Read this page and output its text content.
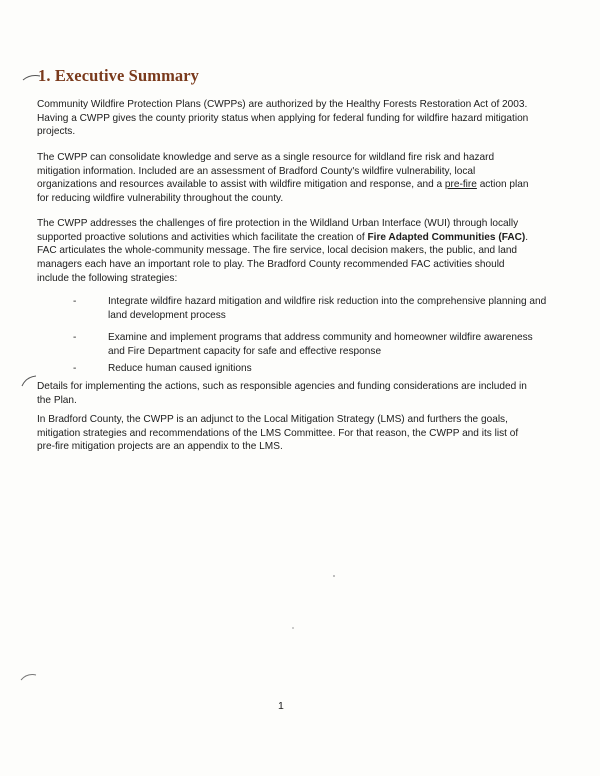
1. Executive Summary

Community Wildfire Protection Plans (CWPPs) are authorized by the Healthy Forests Restoration Act of 2003. Having a CWPP gives the county priority status when applying for federal funding for wildfire hazard mitigation projects.

The CWPP can consolidate knowledge and serve as a single resource for wildland fire risk and hazard mitigation information. Included are an assessment of Bradford County's wildfire vulnerability, local organizations and resources available to assist with wildfire mitigation and response, and a pre-fire action plan for reducing wildfire vulnerability throughout the county.

The CWPP addresses the challenges of fire protection in the Wildland Urban Interface (WUI) through locally supported proactive solutions and activities which facilitate the creation of Fire Adapted Communities (FAC). FAC articulates the whole-community message. The fire service, local decision makers, the public, and land managers each have an important role to play. The Bradford County recommended FAC activities should include the following strategies:

-	Integrate wildfire hazard mitigation and wildfire risk reduction into the comprehensive planning and land development process
-	Examine and implement programs that address community and homeowner wildfire awareness and Fire Department capacity for safe and effective response
-	Reduce human caused ignitions

Details for implementing the actions, such as responsible agencies and funding considerations are included in the Plan.

In Bradford County, the CWPP is an adjunct to the Local Mitigation Strategy (LMS) and furthers the goals, mitigation strategies and recommendations of the LMS Committee. For that reason, the CWPP and its list of pre-fire mitigation projects are an appendix to the LMS.

1
